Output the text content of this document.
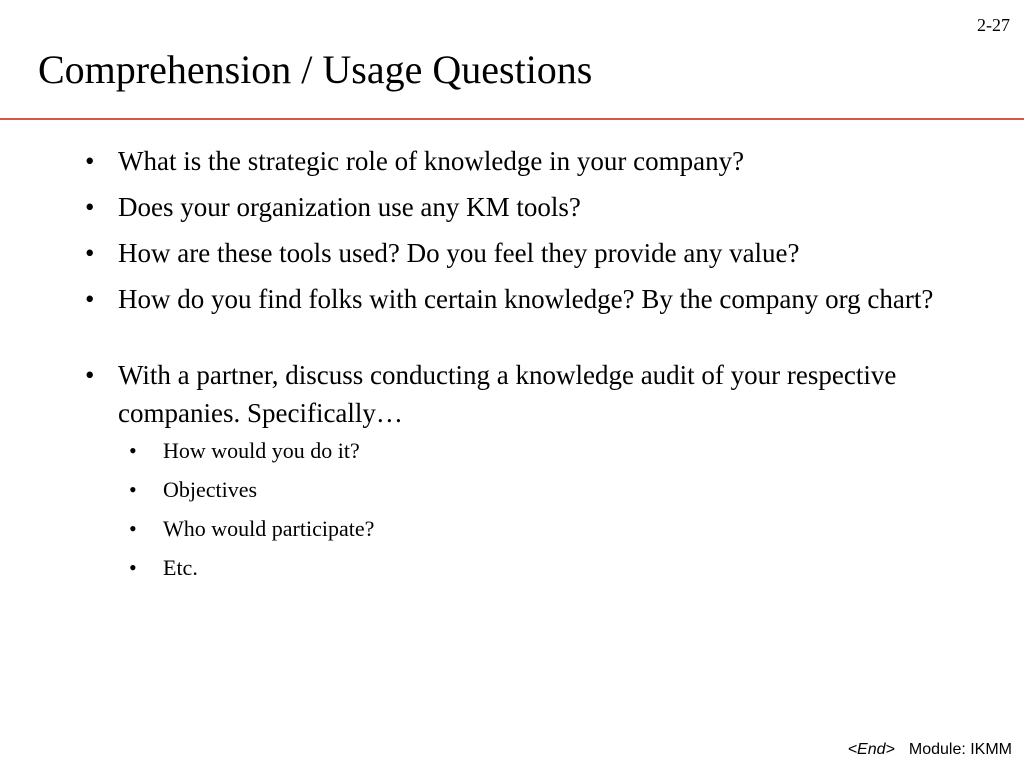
2-27
Comprehension / Usage Questions
• What is the strategic role of knowledge in your company?
• Does your organization use any KM tools?
• How are these tools used? Do you feel they provide any value?
• How do you find folks with certain knowledge? By the company org chart?
• With a partner, discuss conducting a knowledge audit of your respective companies. Specifically…
• How would you do it?
• Objectives
• Who would participate?
• Etc.
<End> Module: IKMM
